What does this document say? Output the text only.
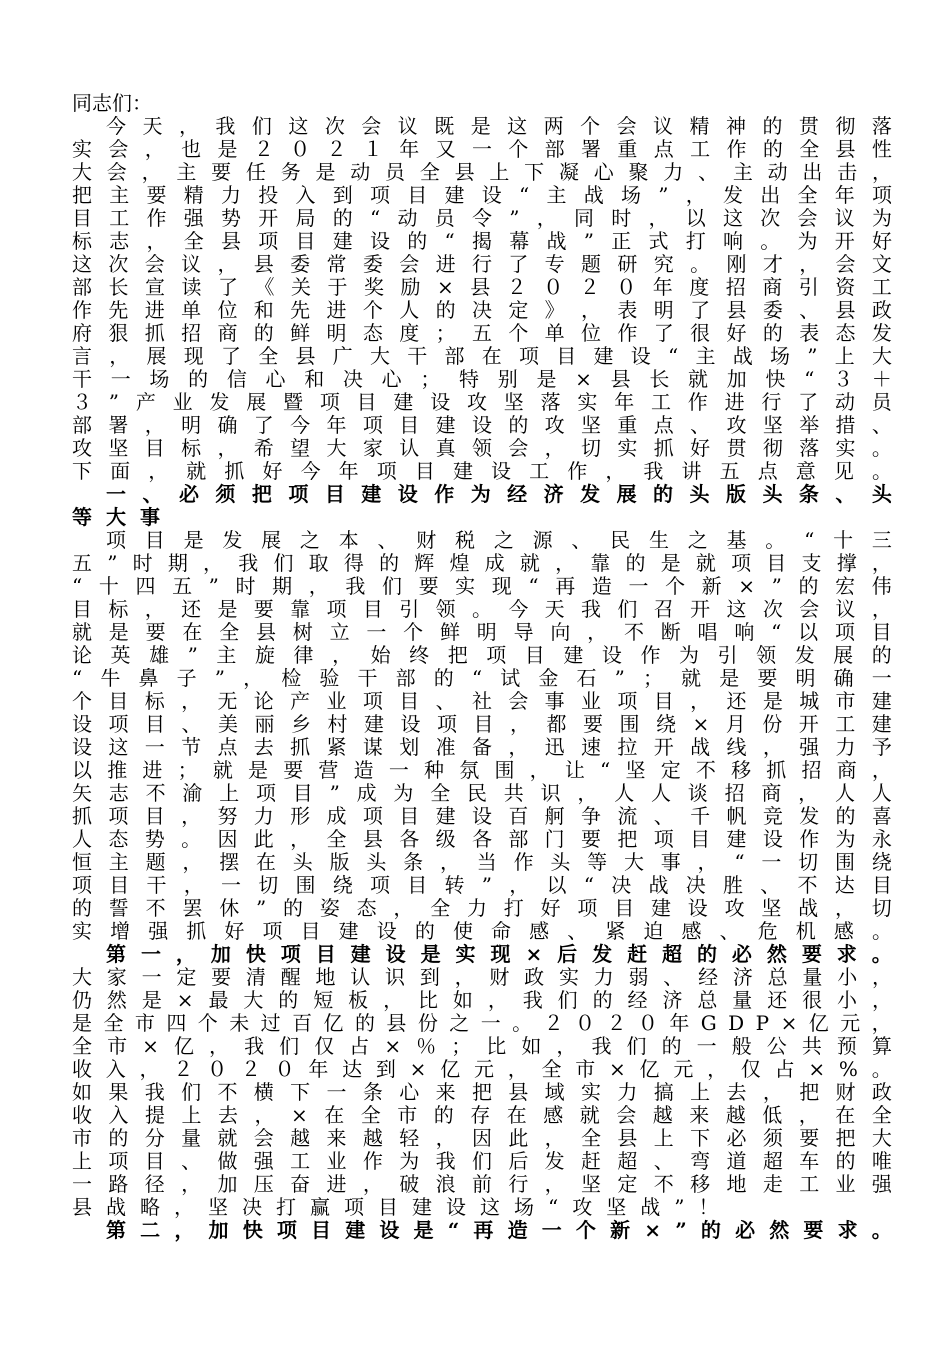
同志们：
今 天 ， 我 们 这 次 会 议 既 是 这 两 个 会 议 精 神 的 贯 彻 落
实 会 ， 也 是 ２ ０ ２ １ 年 又 一 个 部 署 重 点 工 作 的 全 县 性
大 会 ， 主 要 任 务 是 动 员 全 县 上 下 凝 心 聚 力 、 主 动 出 击 ，
把 主 要 精 力 投 入 到 项 目 建 设 “ 主 战 场 ” ， 发 出 全 年 项
目 工 作 强 势 开 局 的 “ 动 员 令 ” ， 同 时 ， 以 这 次 会 议 为
标 志 ， 全 县 项 目 建 设 的 “ 揭 幕 战 ” 正 式 打 响 。 为 开 好
这 次 会 议 ， 县 委 常 委 会 进 行 了 专 题 研 究 。 刚 才 ， 会 文
部 长 宣 读 了 《 关 于 奖 励 × 县 ２ ０ ２ ０ 年 度 招 商 引 资 工
作 先 进 单 位 和 先 进 个 人 的 决 定 》 ， 表 明 了 县 委 、 县 政
府 狠 抓 招 商 的 鲜 明 态 度 ； 五 个 单 位 作 了 很 好 的 表 态 发
言 ， 展 现 了 全 县 广 大 干 部 在 项 目 建 设 “ 主 战 场 ” 上 大
干 一 场 的 信 心 和 决 心 ； 特 别 是 × 县 长 就 加 快 “ ３ ＋
３ ” 产 业 发 展 暨 项 目 建 设 攻 坚 落 实 年 工 作 进 行 了 动 员
部 署 ， 明 确 了 今 年 项 目 建 设 的 攻 坚 重 点 、 攻 坚 举 措 、
攻 坚 目 标 ， 希 望 大 家 认 真 领 会 ， 切 实 抓 好 贯 彻 落 实 。
下 面 ， 就 抓 好 今 年 项 目 建 设 工 作 ， 我 讲 五 点 意 见 。
一 、 必 须 把 项 目 建 设 作 为 经 济 发 展 的 头 版 头 条 、 头
等大事
项 目 是 发 展 之 本 、 财 税 之 源 、 民 生 之 基 。 “ 十 三
五 ” 时 期 ， 我 们 取 得 的 辉 煌 成 就 ， 靠 的 是 就 项 目 支 撑 ，
“ 十 四 五 ” 时 期 ， 我 们 要 实 现 “ 再 造 一 个 新 × ” 的 宏 伟
目 标 ， 还 是 要 靠 项 目 引 领 。 今 天 我 们 召 开 这 次 会 议 ，
就 是 要 在 全 县 树 立 一 个 鲜 明 导 向 ， 不 断 唱 响 “ 以 项 目
论 英 雄 ” 主 旋 律 ， 始 终 把 项 目 建 设 作 为 引 领 发 展 的
“ 牛 鼻 子 ” ， 检 验 干 部 的 “ 试 金 石 ” ； 就 是 要 明 确 一
个 目 标 ， 无 论 产 业 项 目 、 社 会 事 业 项 目 ， 还 是 城 市 建
设 项 目 、 美 丽 乡 村 建 设 项 目 ， 都 要 围 绕 × 月 份 开 工 建
设 这 一 节 点 去 抓 紧 谋 划 准 备 ， 迅 速 拉 开 战 线 ， 强 力 予
以 推 进 ； 就 是 要 营 造 一 种 氛 围 ， 让 “ 坚 定 不 移 抓 招 商 ，
矢 志 不 渝 上 项 目 ” 成 为 全 民 共 识 ， 人 人 谈 招 商 ， 人 人
抓 项 目 ， 努 力 形 成 项 目 建 设 百 舸 争 流 、 千 帆 竞 发 的 喜
人 态 势 。 因 此 ， 全 县 各 级 各 部 门 要 把 项 目 建 设 作 为 永
恒 主 题 ， 摆 在 头 版 头 条 ， 当 作 头 等 大 事 ， “ 一 切 围 绕
项 目 干 ， 一 切 围 绕 项 目 转 ” ， 以 “ 决 战 决 胜 、 不 达 目
的 誓 不 罢 休 ” 的 姿 态 ， 全 力 打 好 项 目 建 设 攻 坚 战 ， 切
实 增 强 抓 好 项 目 建 设 的 使 命 感 、 紧 迫 感 、 危 机 感 。
第 一 ， 加 快 项 目 建 设 是 实 现 × 后 发 赶 超 的 必 然 要 求 。
大 家 一 定 要 清 醒 地 认 识 到 ， 财 政 实 力 弱 、 经 济 总 量 小 ，
仍 然 是 × 最 大 的 短 板 ， 比 如 ， 我 们 的 经 济 总 量 还 很 小 ，
是 全 市 四 个 未 过 百 亿 的 县 份 之 一 。 ２ ０ ２ ０ 年 G D P × 亿 元 ，
全 市 × 亿 ， 我 们 仅 占 × ％ ； 比 如 ， 我 们 的 一 般 公 共 预 算
收 入 ， ２ ０ ２ ０ 年 达 到 × 亿 元 ， 全 市 × 亿 元 ， 仅 占 × % 。
如 果 我 们 不 横 下 一 条 心 来 把 县 域 实 力 搞 上 去 ， 把 财 政
收 入 提 上 去 ， × 在 全 市 的 存 在 感 就 会 越 来 越 低 ， 在 全
市 的 分 量 就 会 越 来 越 轻 ， 因 此 ， 全 县 上 下 必 须 要 把 大
上 项 目 、 做 强 工 业 作 为 我 们 后 发 赶 超 、 弯 道 超 车 的 唯
一 路 径 ， 加 压 奋 进 ， 破 浪 前 行 ， 坚 定 不 移 地 走 工 业 强
县战略，坚决打赢项目建设这场“攻坚战”！
第 二 ， 加 快 项 目 建 设 是 “ 再 造 一 个 新 × ” 的 必 然 要 求 。
